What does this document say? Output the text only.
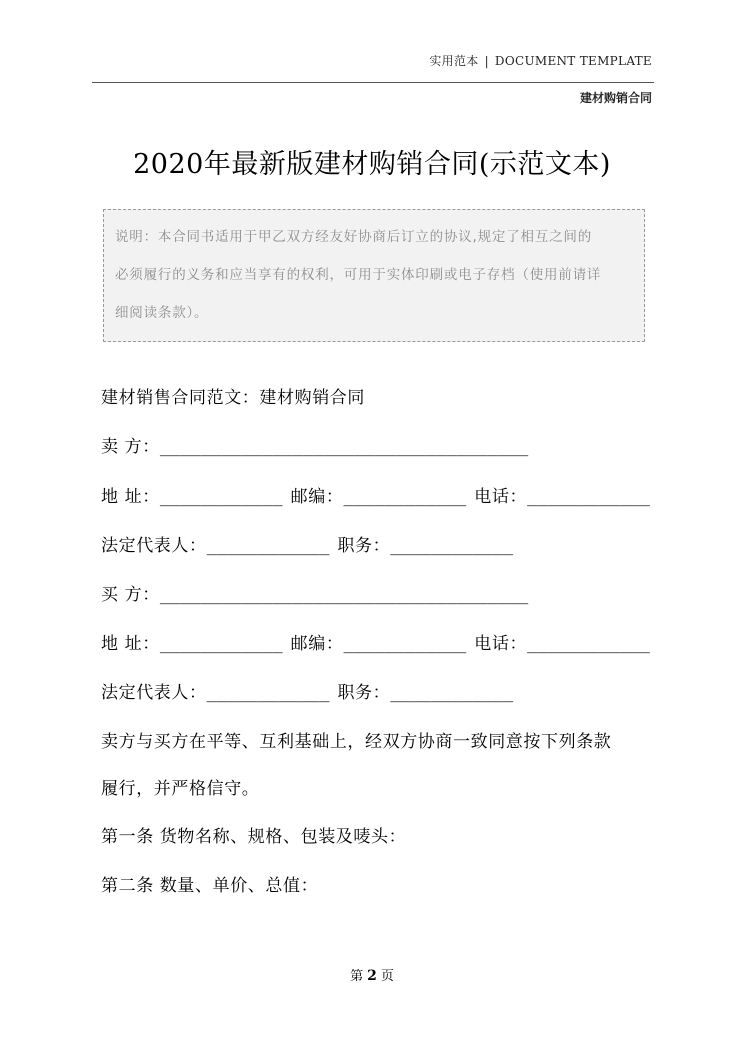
实用范本 | DOCUMENT TEMPLATE
建材购销合同
2020年最新版建材购销合同(示范文本)
说明：本合同书适用于甲乙双方经友好协商后订立的协议,规定了相互之间的
必须履行的义务和应当享有的权利，可用于实体印刷或电子存档（使用前请详
细阅读条款）。
建材销售合同范文：建材购销合同
卖 方：____________________________________
地 址：____________ 邮编：____________ 电话：____________
法定代表人：____________ 职务：____________
买 方：____________________________________
地 址：____________ 邮编：____________ 电话：____________
法定代表人：____________ 职务：____________
卖方与买方在平等、互利基础上，经双方协商一致同意按下列条款
履行，并严格信守。
第一条 货物名称、规格、包装及唛头：
第二条 数量、单价、总值：
第 2 页
